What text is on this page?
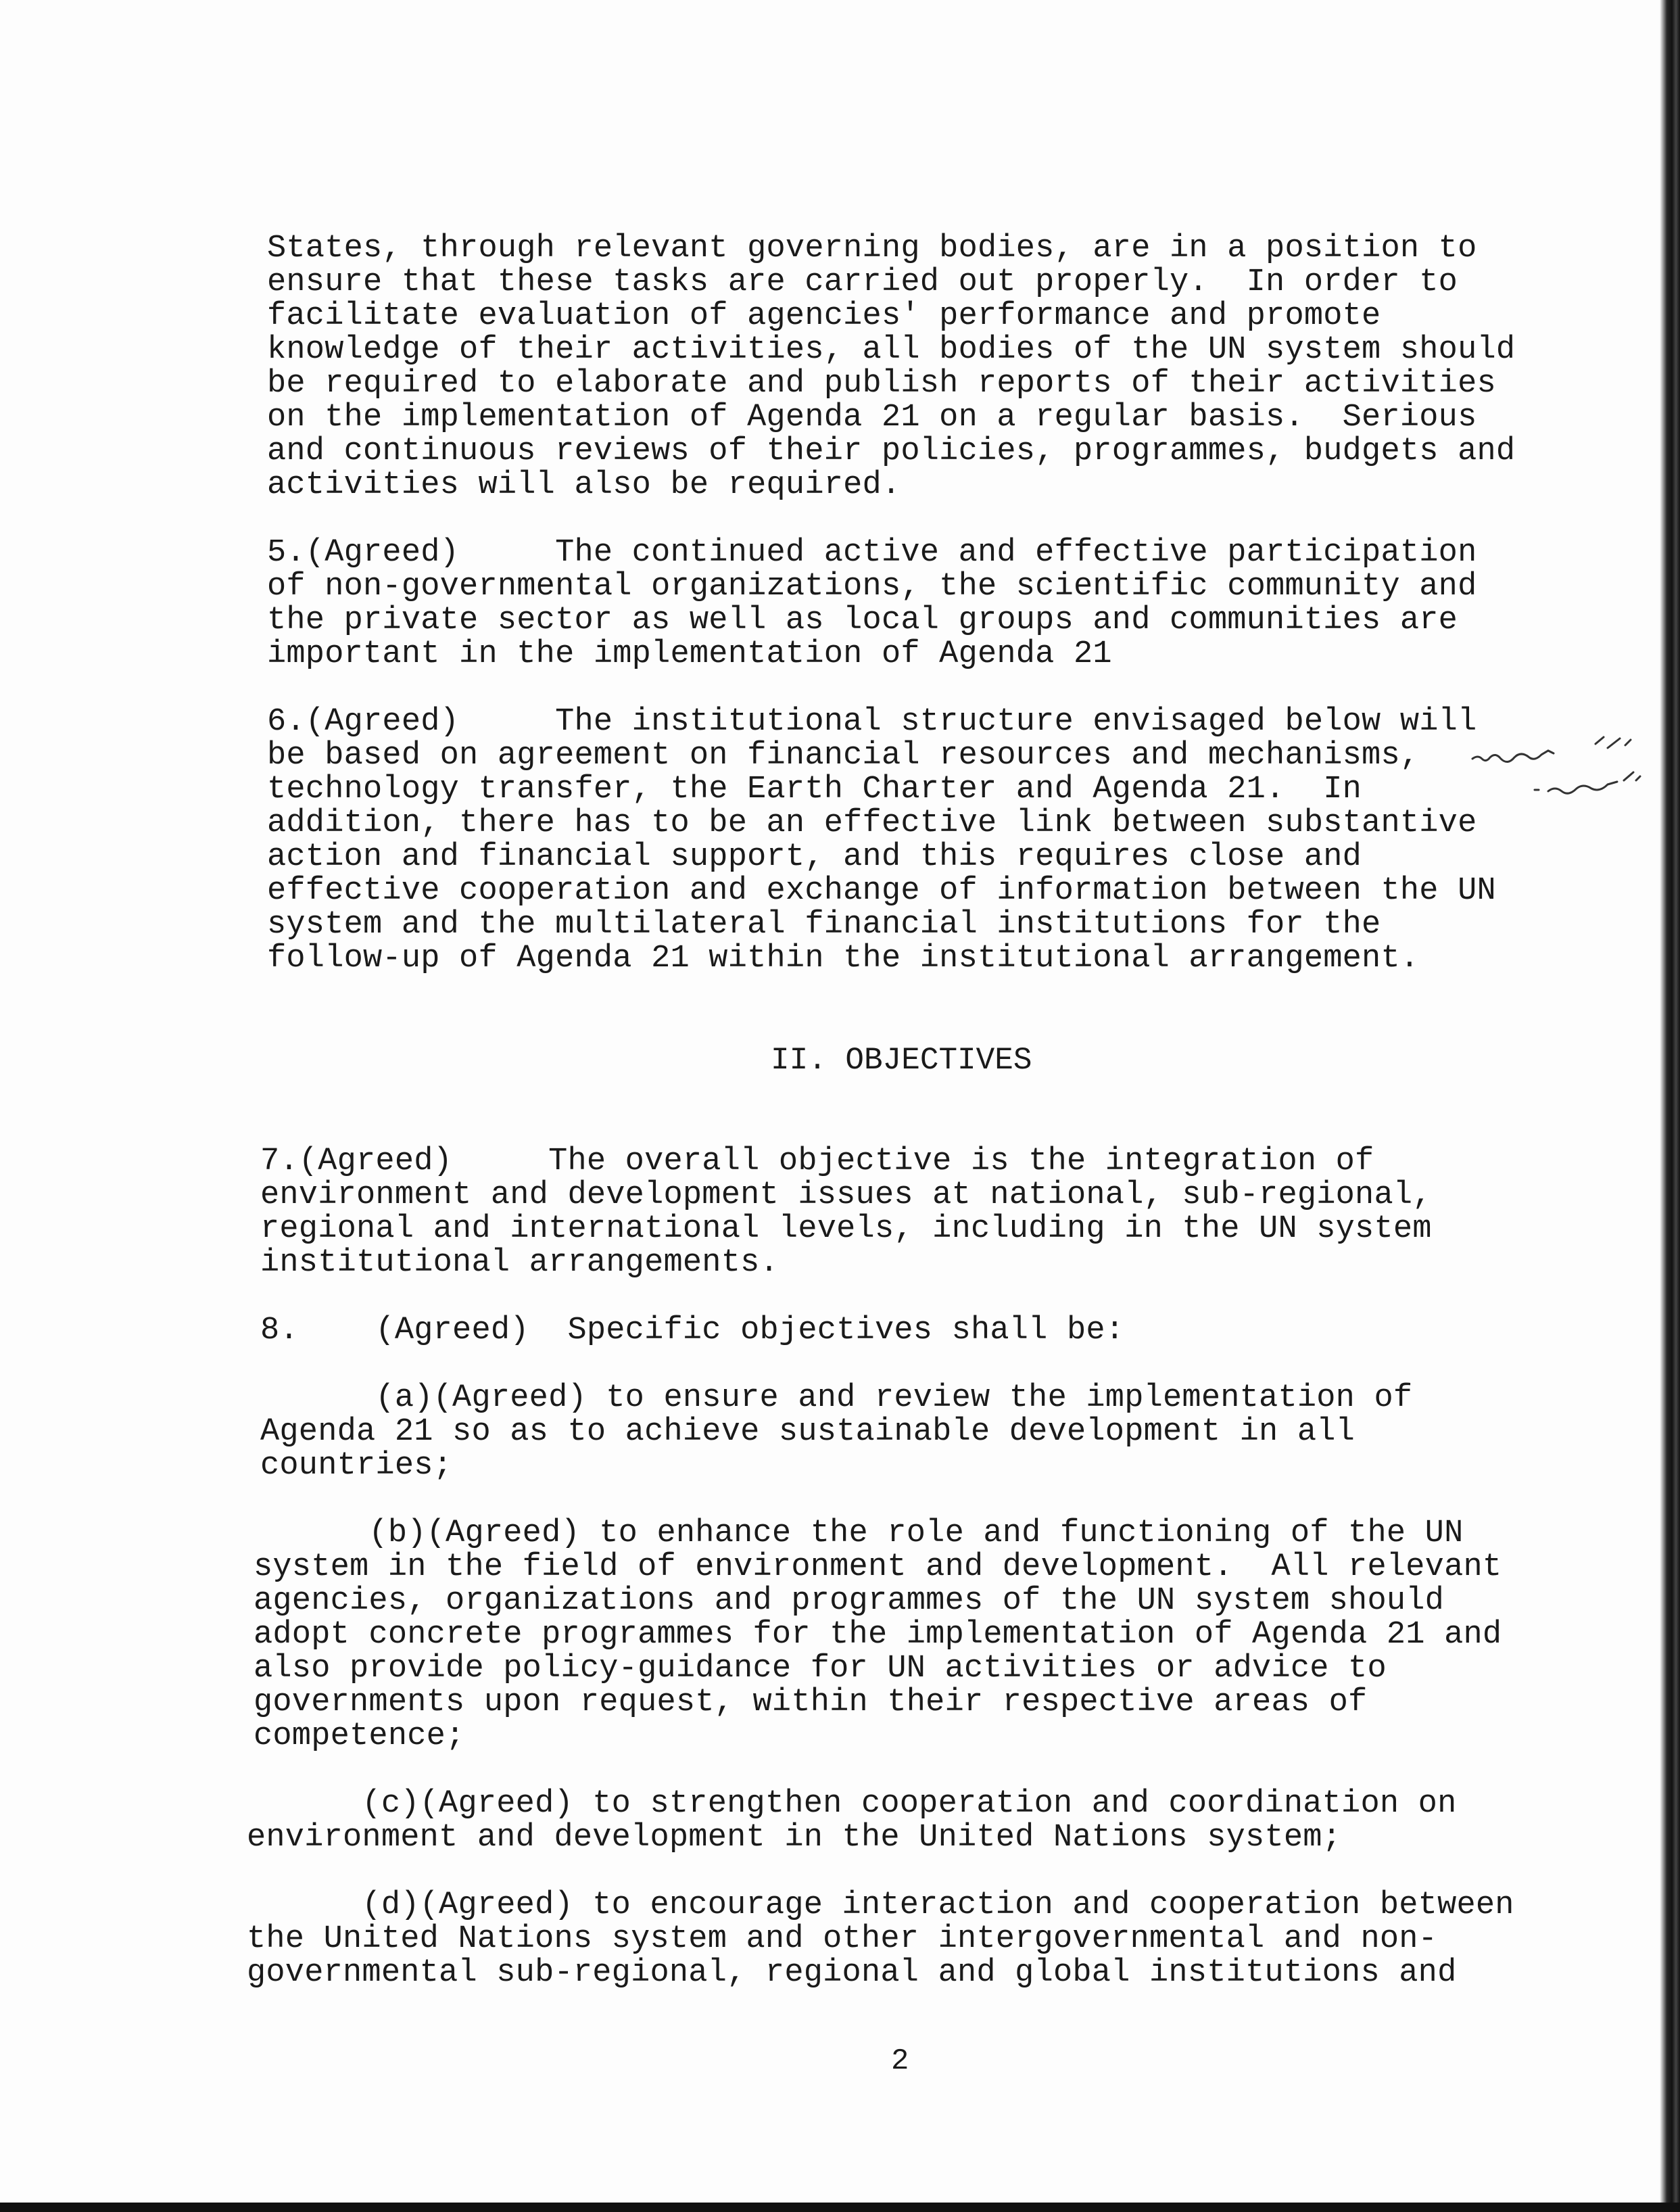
States, through relevant governing bodies, are in a position to
ensure that these tasks are carried out properly.  In order to
facilitate evaluation of agencies' performance and promote
knowledge of their activities, all bodies of the UN system should
be required to elaborate and publish reports of their activities
on the implementation of Agenda 21 on a regular basis.  Serious
and continuous reviews of their policies, programmes, budgets and
activities will also be required.
5.(Agreed)     The continued active and effective participation
of non-governmental organizations, the scientific community and
the private sector as well as local groups and communities are
important in the implementation of Agenda 21
6.(Agreed)     The institutional structure envisaged below will
be based on agreement on financial resources and mechanisms,
technology transfer, the Earth Charter and Agenda 21.  In
addition, there has to be an effective link between substantive
action and financial support, and this requires close and
effective cooperation and exchange of information between the UN
system and the multilateral financial institutions for the
follow-up of Agenda 21 within the institutional arrangement.
II. OBJECTIVES
7.(Agreed)     The overall objective is the integration of
environment and development issues at national, sub-regional,
regional and international levels, including in the UN system
institutional arrangements.
8.    (Agreed)  Specific objectives shall be:
(a)(Agreed) to ensure and review the implementation of
Agenda 21 so as to achieve sustainable development in all
countries;
(b)(Agreed) to enhance the role and functioning of the UN
system in the field of environment and development.  All relevant
agencies, organizations and programmes of the UN system should
adopt concrete programmes for the implementation of Agenda 21 and
also provide policy-guidance for UN activities or advice to
governments upon request, within their respective areas of
competence;
(c)(Agreed) to strengthen cooperation and coordination on
environment and development in the United Nations system;
(d)(Agreed) to encourage interaction and cooperation between
the United Nations system and other intergovernmental and non-
governmental sub-regional, regional and global institutions and
2
